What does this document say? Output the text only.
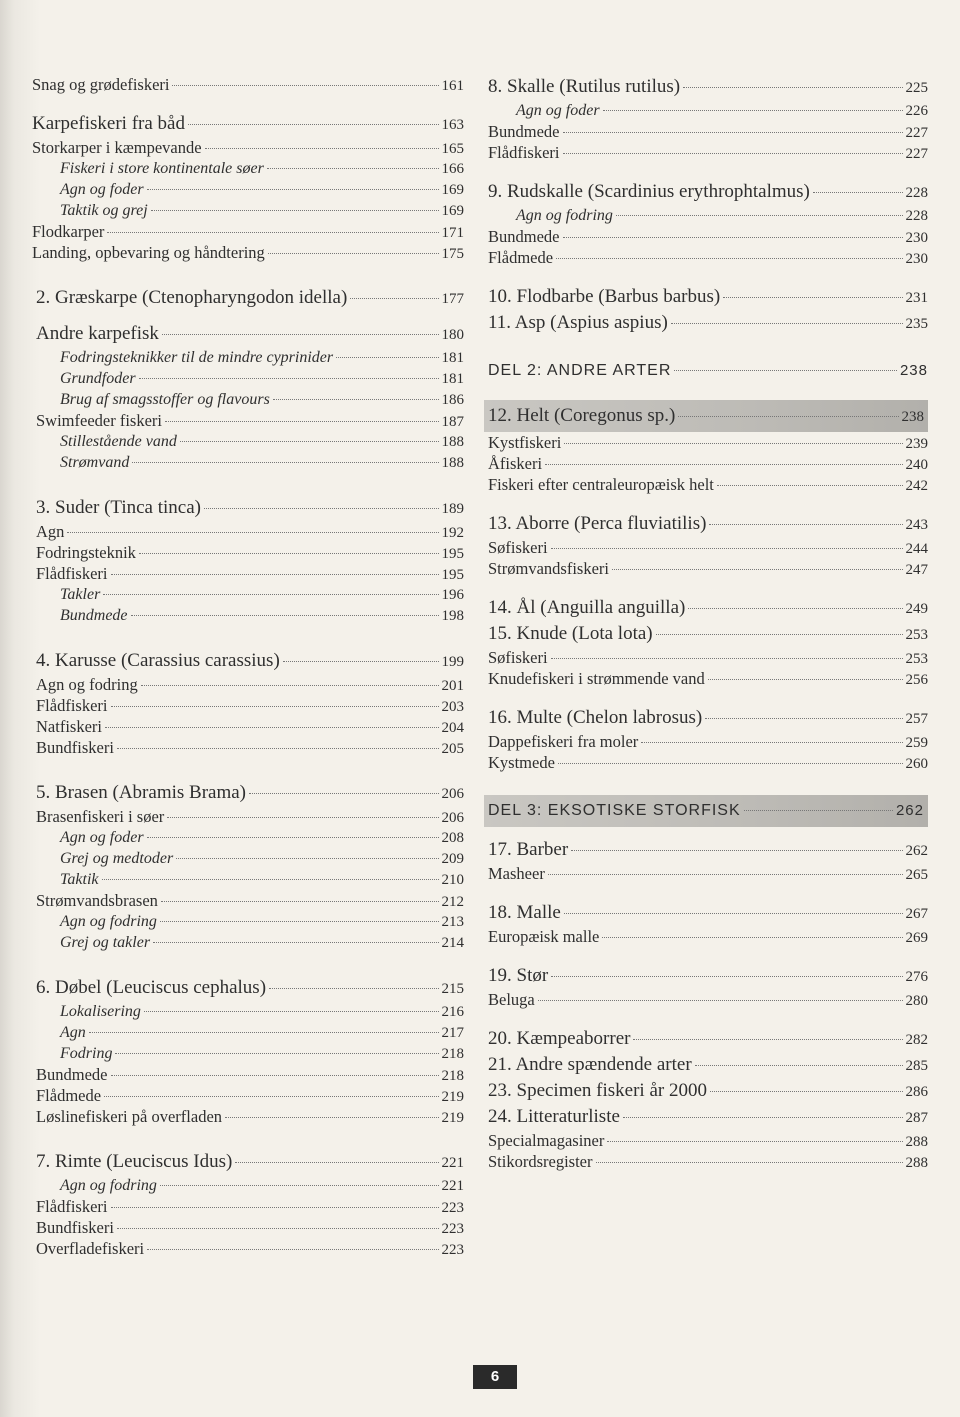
Snag og grødefiskeri	161
Karpefiskeri fra båd	163
Storkarper i kæmpevande	165
Fiskeri i store kontinentale søer	166
Agn og foder	169
Taktik og grej	169
Flodkarper	171
Landing, opbevaring og håndtering	175
2. Græskarpe (Ctenopharyngodon idella)	177
Andre karpefisk	180
Fodringsteknikker til de mindre cyprinider	181
Grundfoder	181
Brug af smagsstoffer og flavours	186
Swimfeeder fiskeri	187
Stillestående vand	188
Strømvand	188
3. Suder (Tinca tinca)	189
Agn	192
Fodringsteknik	195
Flådfiskeri	195
Takler	196
Bundmede	198
4. Karusse (Carassius carassius)	199
Agn og fodring	201
Flådfiskeri	203
Natfiskeri	204
Bundfiskeri	205
5. Brasen (Abramis Brama)	206
Brasenfiskeri i søer	206
Agn og foder	208
Grej og medtoder	209
Taktik	210
Strømvandsbrasen	212
Agn og fodring	213
Grej og takler	214
6. Døbel (Leuciscus cephalus)	215
Lokalisering	216
Agn	217
Fodring	218
Bundmede	218
Flådmede	219
Løslinefiskeri på overfladen	219
7. Rimte (Leuciscus Idus)	221
Agn og fodring	221
Flådfiskeri	223
Bundfiskeri	223
Overfladefiskeri	223
8. Skalle (Rutilus rutilus)	225
Agn og foder	226
Bundmede	227
Flådfiskeri	227
9. Rudskalle (Scardinius erythrophtalmus)	228
Agn og fodring	228
Bundmede	230
Flådmede	230
10. Flodbarbe (Barbus barbus)	231
11. Asp (Aspius aspius)	235
DEL 2: ANDRE ARTER	238
12. Helt (Coregonus sp.)	238
Kystfiskeri	239
Åfiskeri	240
Fiskeri efter centraleuropæisk helt	242
13. Aborre (Perca fluviatilis)	243
Søfiskeri	244
Strømvandsfiskeri	247
14. Ål (Anguilla anguilla)	249
15. Knude (Lota lota)	253
Søfiskeri	253
Knudefiskeri i strømmende vand	256
16. Multe (Chelon labrosus)	257
Dappefiskeri fra moler	259
Kystmede	260
DEL 3: EKSOTISKE STORFISK	262
17. Barber	262
Masheer	265
18. Malle	267
Europæisk malle	269
19. Stør	276
Beluga	280
20. Kæmpeaborrer	282
21. Andre spændende arter	285
23. Specimen fiskeri år 2000	286
24. Litteraturliste	287
Specialmagasiner	288
Stikordsregister	288
6
